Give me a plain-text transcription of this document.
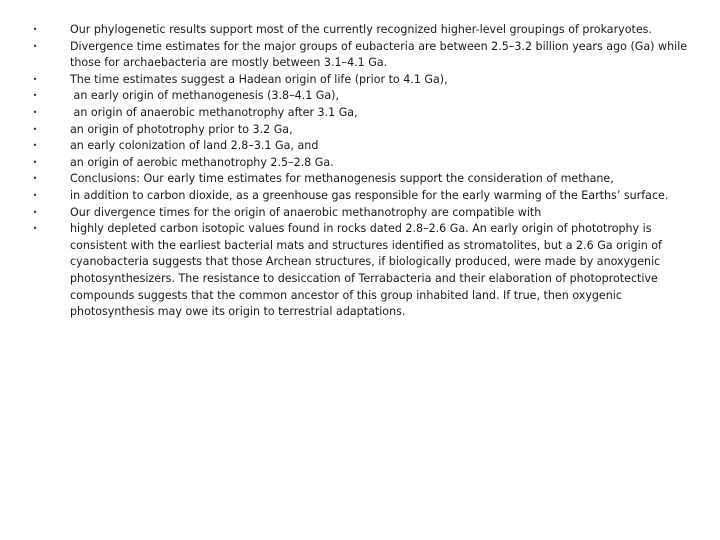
•	Our phylogenetic results support most of the currently recognized higher-level groupings of prokaryotes.
•	Divergence time estimates for the major groups of eubacteria are between 2.5–3.2 billion years ago (Ga) while those for archaebacteria are mostly between 3.1–4.1 Ga.
•	The time estimates suggest a Hadean origin of life (prior to 4.1 Ga),
•	an early origin of methanogenesis (3.8–4.1 Ga),
•	an origin of anaerobic methanotrophy after 3.1 Ga,
•	an origin of phototrophy prior to 3.2 Ga,
•	an early colonization of land 2.8–3.1 Ga, and
•	an origin of aerobic methanotrophy 2.5–2.8 Ga.
•	Conclusions: Our early time estimates for methanogenesis support the consideration of methane,
•	in addition to carbon dioxide, as a greenhouse gas responsible for the early warming of the Earths’ surface.
•	Our divergence times for the origin of anaerobic methanotrophy are compatible with
•	highly depleted carbon isotopic values found in rocks dated 2.8–2.6 Ga. An early origin of phototrophy is consistent with the earliest bacterial mats and structures identified as stromatolites, but a 2.6 Ga origin of cyanobacteria suggests that those Archean structures, if biologically produced, were made by anoxygenic photosynthesizers. The resistance to desiccation of Terrabacteria and their elaboration of photoprotective compounds suggests that the common ancestor of this group inhabited land. If true, then oxygenic photosynthesis may owe its origin to terrestrial adaptations.
